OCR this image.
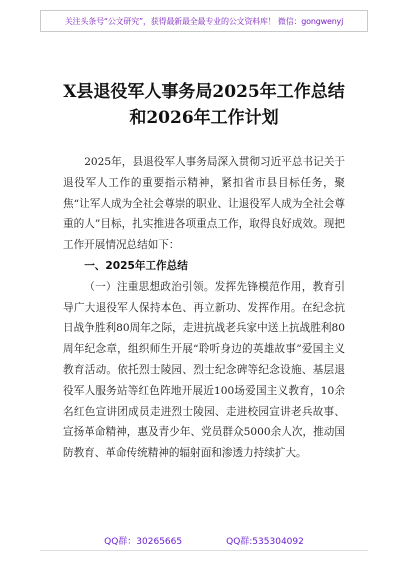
关注头条号“公文研究”，获得最新最全最专业的公文资料库！ 微信：gongwenyj
X县退役军人事务局2025年工作总结
和2026年工作计划

2025年，县退役军人事务局深入贯彻习近平总书记关于退役军人工作的重要指示精神，紧扣省市县目标任务，聚焦“让军人成为全社会尊崇的职业、让退役军人成为全社会尊重的人”目标，扎实推进各项重点工作，取得良好成效。现把工作开展情况总结如下：

一、2025年工作总结

（一）注重思想政治引领。发挥先锋模范作用，教育引导广大退役军人保持本色、再立新功、发挥作用。在纪念抗日战争胜利80周年之际，走进抗战老兵家中送上抗战胜利80周年纪念章，组织师生开展“聆听身边的英雄故事”爱国主义教育活动。依托烈士陵园、烈士纪念碑等纪念设施、基层退役军人服务站等红色阵地开展近100场爱国主义教育，10余名红色宣讲团成员走进烈士陵园、走进校园宣讲老兵故事、宣扬革命精神，惠及青少年、党员群众5000余人次，推动国防教育、革命传统精神的辐射面和渗透力持续扩大。

QQ群：30265665	QQ群:535304092
